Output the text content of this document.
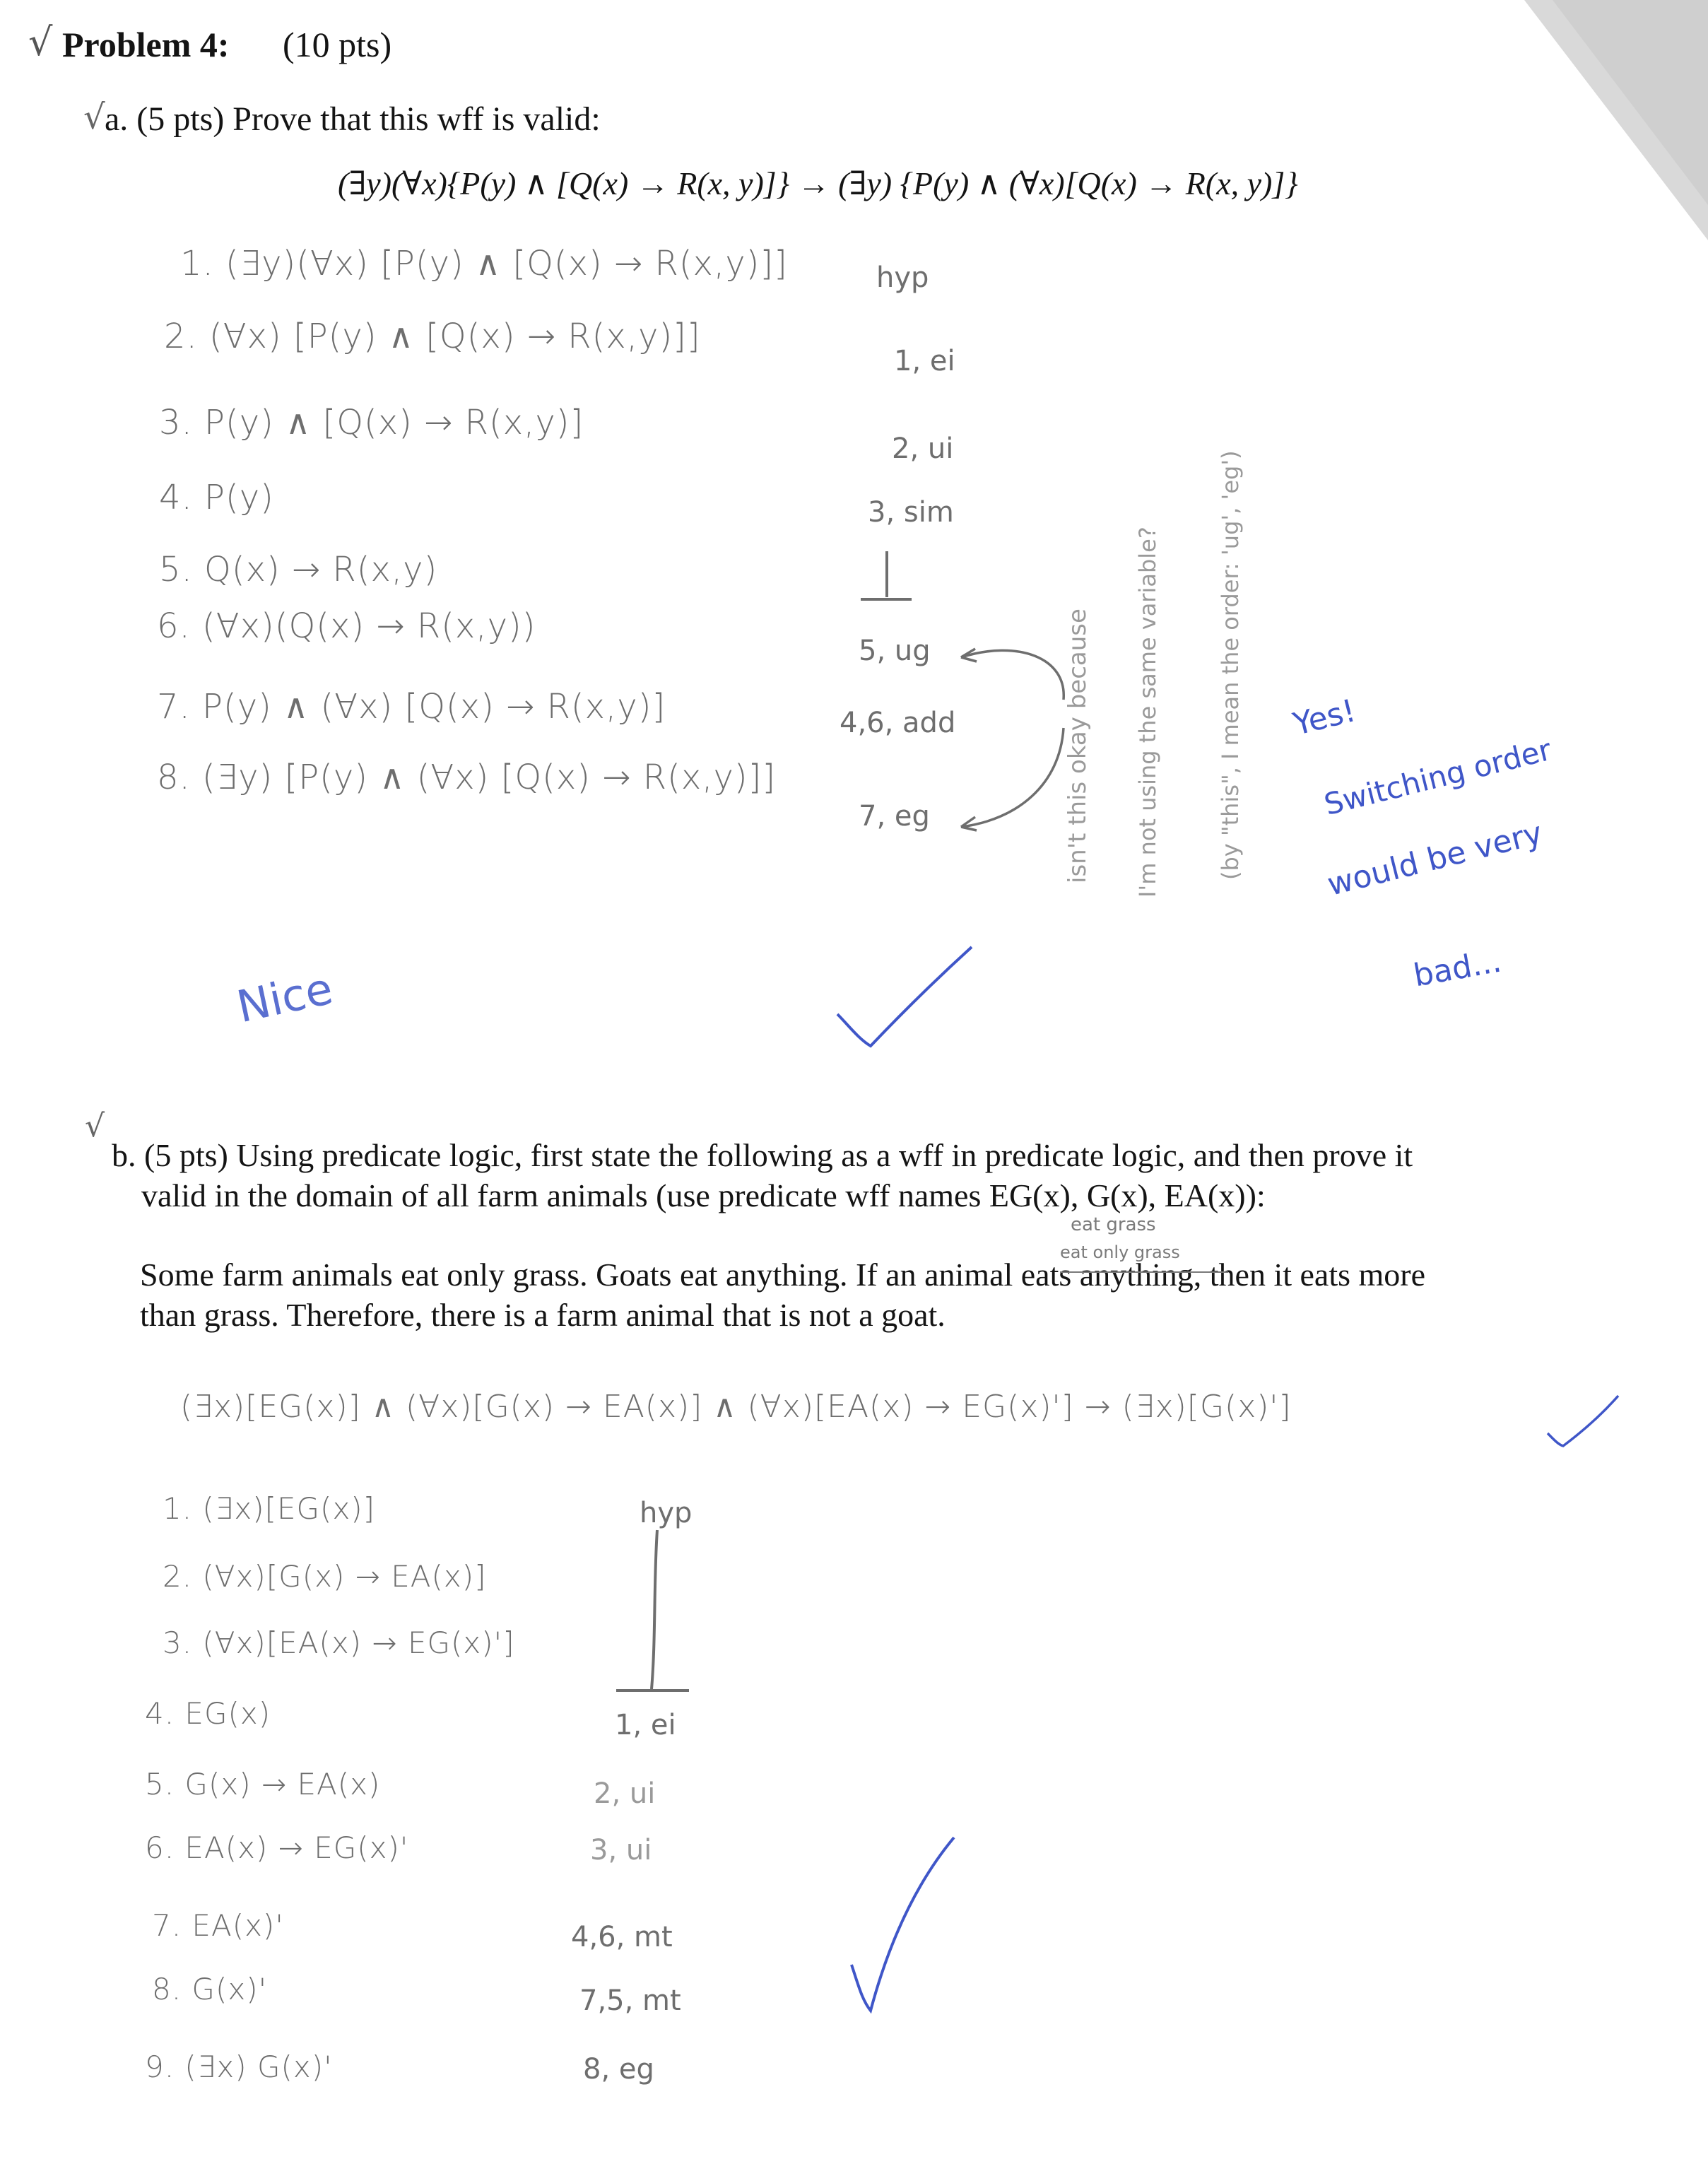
√ Problem 4: (10 pts)
√ a. (5 pts) Prove that this wff is valid:
(∃y)(∀x){P(y) ∧ [Q(x) → R(x, y)]} → (∃y) {P(y) ∧ (∀x)[Q(x) → R(x, y)]}
1. (∃y)(∀x) [P(y) ∧ [Q(x) → R(x,y)]]
2. (∀x) [P(y) ∧ [Q(x) → R(x,y)]]
3. P(y) ∧ [Q(x) → R(x,y)]
4. P(y)
5. Q(x) → R(x,y)
6. (∀x)(Q(x) → R(x,y))
7. P(y) ∧ (∀x) [Q(x) → R(x,y)]
8. (∃y) [P(y) ∧ (∀x) [Q(x) → R(x,y)]]
hyp
1, ei
2, ui
3, sim
5, ug
4,6, add
7, eg	isn't this okay because I'm not using the same variable? (by "this", I mean the order: 'ug', 'eg') Yes!
Switching order
would be very
bad...
Nice
√
b. (5 pts) Using predicate logic, first state the following as a wff in predicate logic, and then prove it
valid in the domain of all farm animals (use predicate wff names EG(x), G(x), EA(x)):
eat grass
eat only grass
Some farm animals eat only grass. Goats eat anything. If an animal eats anything, then it eats more
than grass. Therefore, there is a farm animal that is not a goat.
(∃x)[EG(x)] ∧ (∀x)[G(x) → EA(x)] ∧ (∀x)[EA(x) → EG(x)'] → (∃x)[G(x)']
1. (∃x)[EG(x)]
2. (∀x)[G(x) → EA(x)]
3. (∀x)[EA(x) → EG(x)']
4. EG(x)
5. G(x) → EA(x)
6. EA(x) → EG(x)'
7. EA(x)'
8. G(x)'
9. (∃x) G(x)'
hyp
1, ei
2, ui
3, ui
4,6, mt
7,5, mt
8, eg
